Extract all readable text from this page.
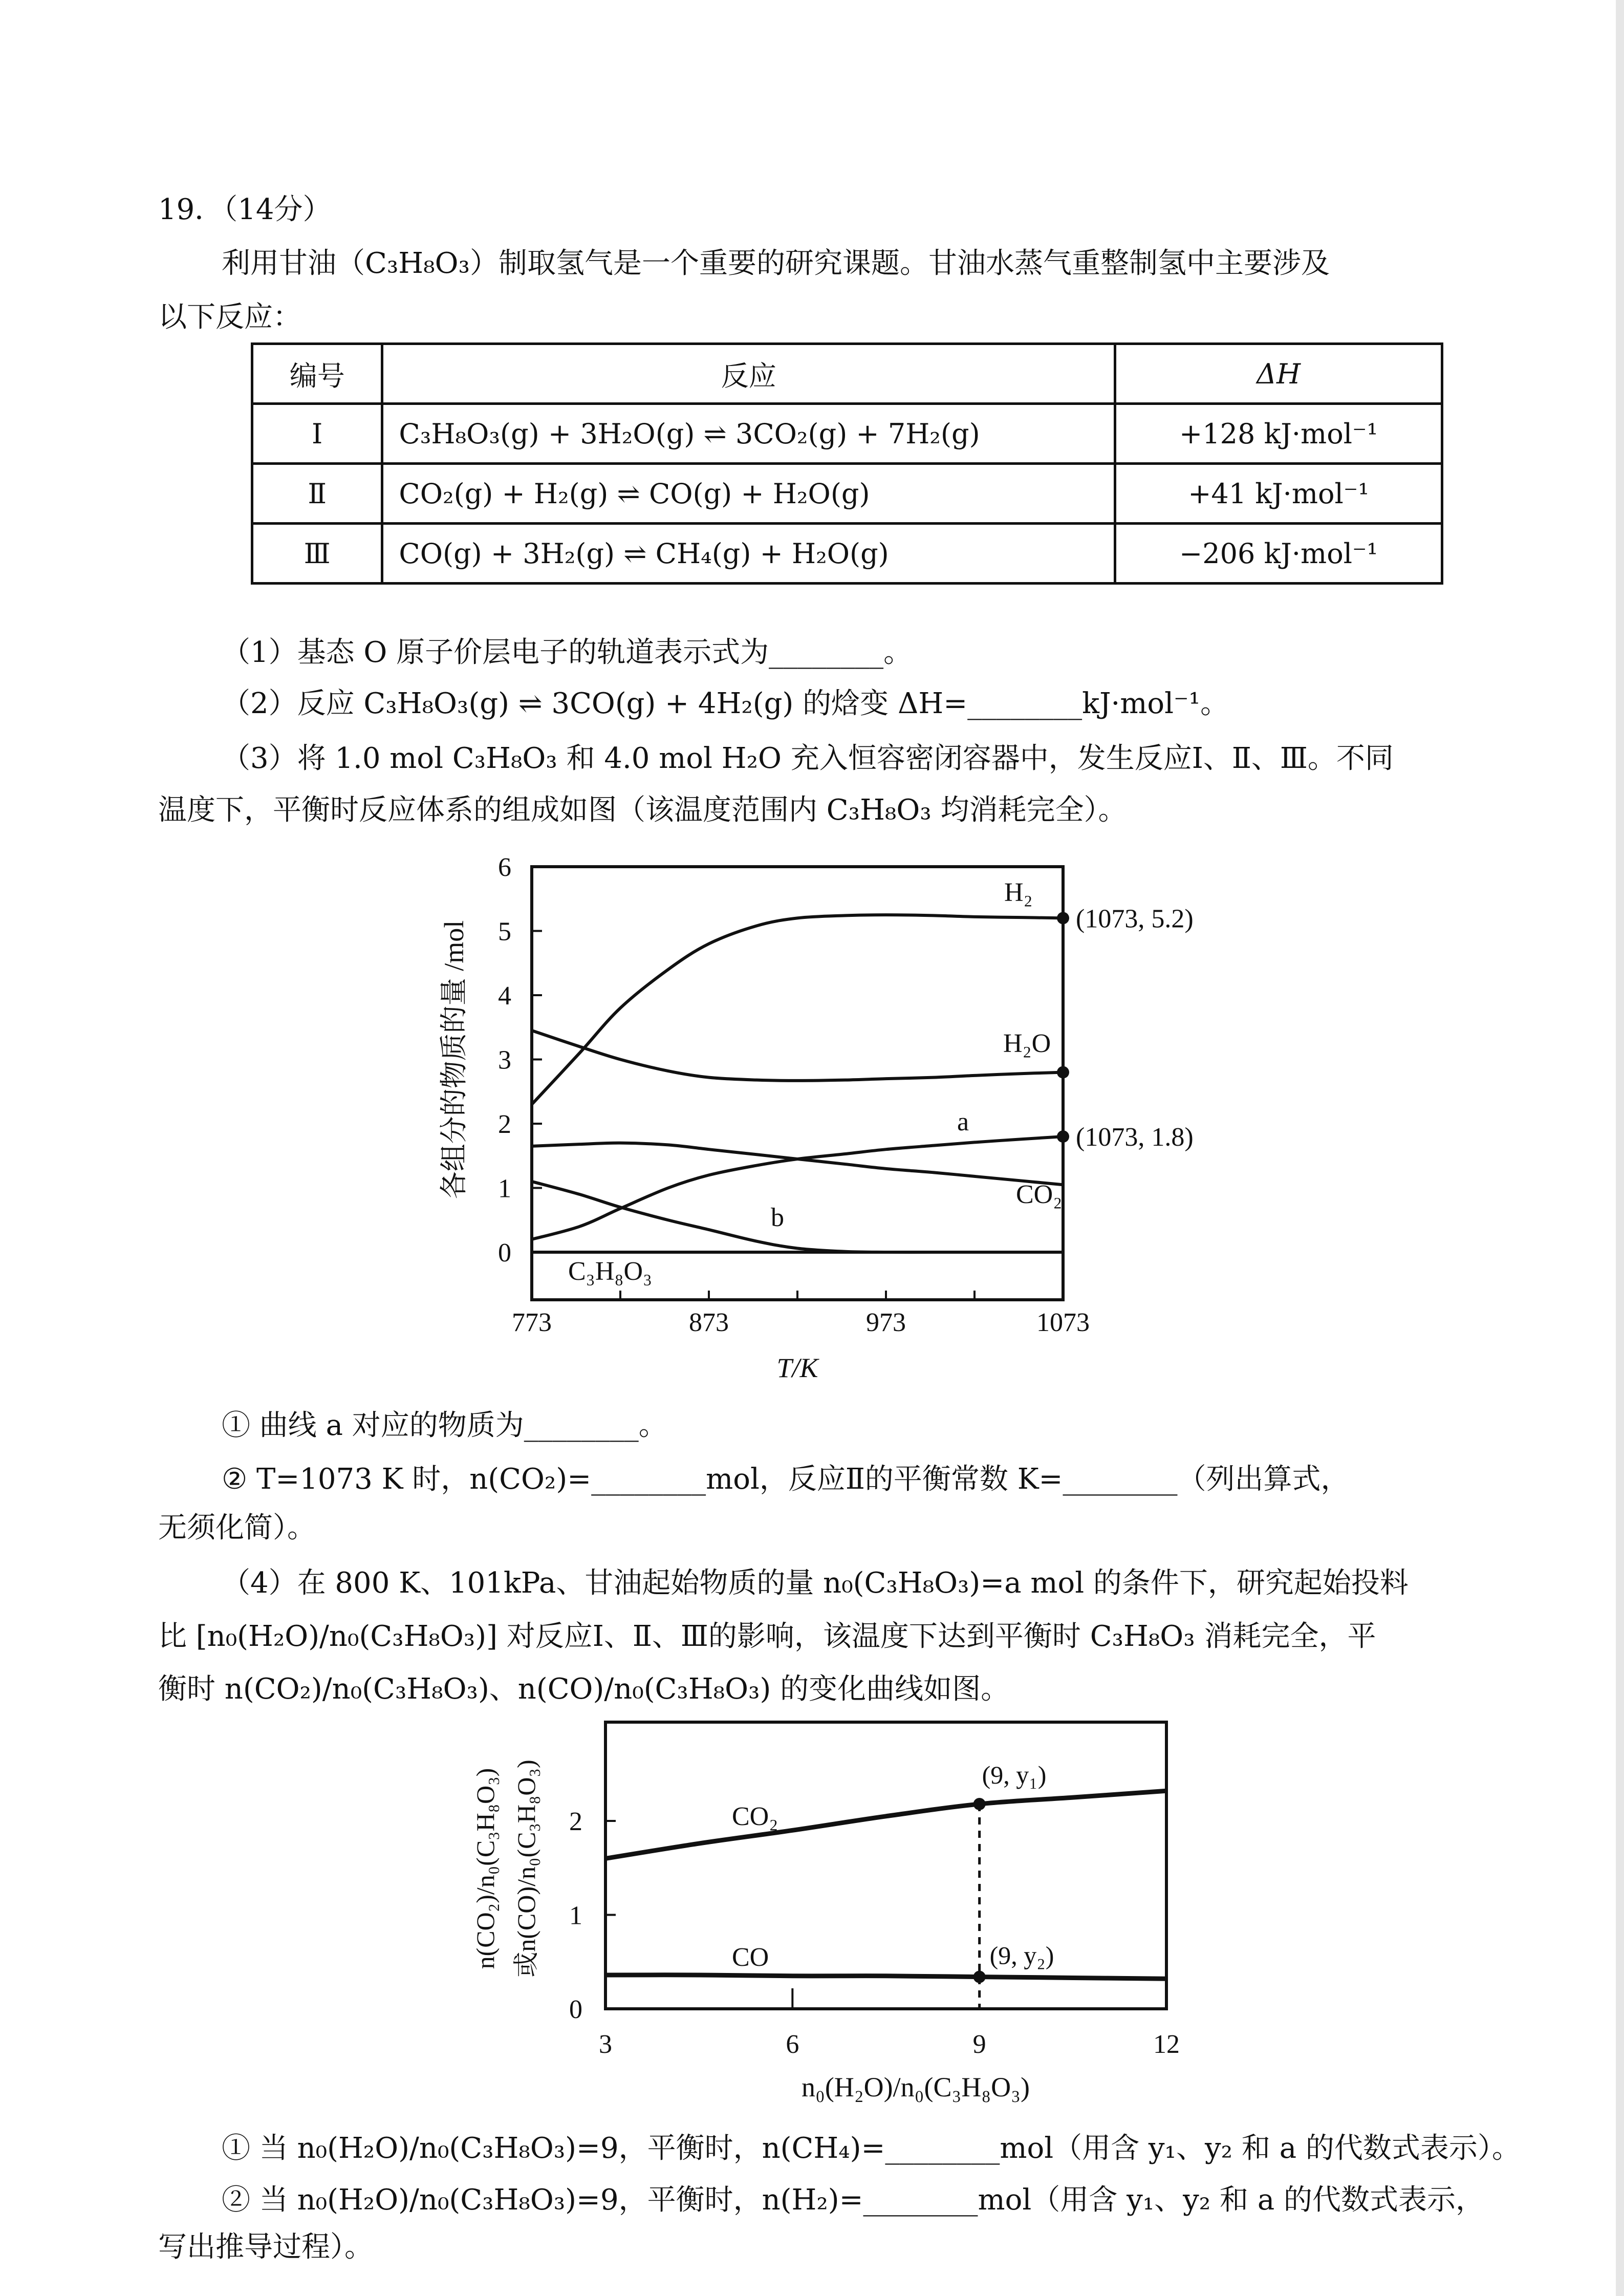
19．（14分）
利用甘油（C₃H₈O₃）制取氢气是一个重要的研究课题。甘油水蒸气重整制氢中主要涉及
以下反应：
编号	反应	ΔH
Ⅰ	C₃H₈O₃(g) + 3H₂O(g) ⇌ 3CO₂(g) + 7H₂(g)	+128 kJ·mol⁻¹
Ⅱ	CO₂(g) + H₂(g) ⇌ CO(g) + H₂O(g)	+41 kJ·mol⁻¹
Ⅲ	CO(g) + 3H₂(g) ⇌ CH₄(g) + H₂O(g)	−206 kJ·mol⁻¹
（1）基态 O 原子价层电子的轨道表示式为________。
（2）反应 C₃H₈O₃(g) ⇌ 3CO(g) + 4H₂(g) 的焓变 ΔH=________kJ·mol⁻¹。
（3）将 1.0 mol C₃H₈O₃ 和 4.0 mol H₂O 充入恒容密闭容器中，发生反应Ⅰ、Ⅱ、Ⅲ。不同
温度下，平衡时反应体系的组成如图（该温度范围内 C₃H₈O₃ 均消耗完全）。
① 曲线 a 对应的物质为________。
② T=1073 K 时，n(CO₂)=________mol，反应Ⅱ的平衡常数 K=________（列出算式，
无须化简）。
（4）在 800 K、101kPa、甘油起始物质的量 n₀(C₃H₈O₃)=a mol 的条件下，研究起始投料
比 [n₀(H₂O)/n₀(C₃H₈O₃)] 对反应Ⅰ、Ⅱ、Ⅲ的影响，该温度下达到平衡时 C₃H₈O₃ 消耗完全，平
衡时 n(CO₂)/n₀(C₃H₈O₃)、n(CO)/n₀(C₃H₈O₃) 的变化曲线如图。
① 当 n₀(H₂O)/n₀(C₃H₈O₃)=9，平衡时，n(CH₄)=________mol（用含 y₁、y₂ 和 a 的代数式表示）。
② 当 n₀(H₂O)/n₀(C₃H₈O₃)=9，平衡时，n(H₂)=________mol（用含 y₁、y₂ 和 a 的代数式表示，
写出推导过程）。
0
1
2
3
4
5
6
773	873	973	1073
T/K
各组分的物质的量 /mol
H₂
H₂O
a
CO₂
b
C₃H₈O₃
(1073, 5.2)
(1073, 1.8)
0
1
2
3	6	9	12
n₀(H₂O)/n₀(C₃H₈O₃)
n(CO₂)/n₀(C₃H₈O₃) 或n(CO)/n₀(C₃H₈O₃)	CO₂
CO
(9, y₁)
(9, y₂)
